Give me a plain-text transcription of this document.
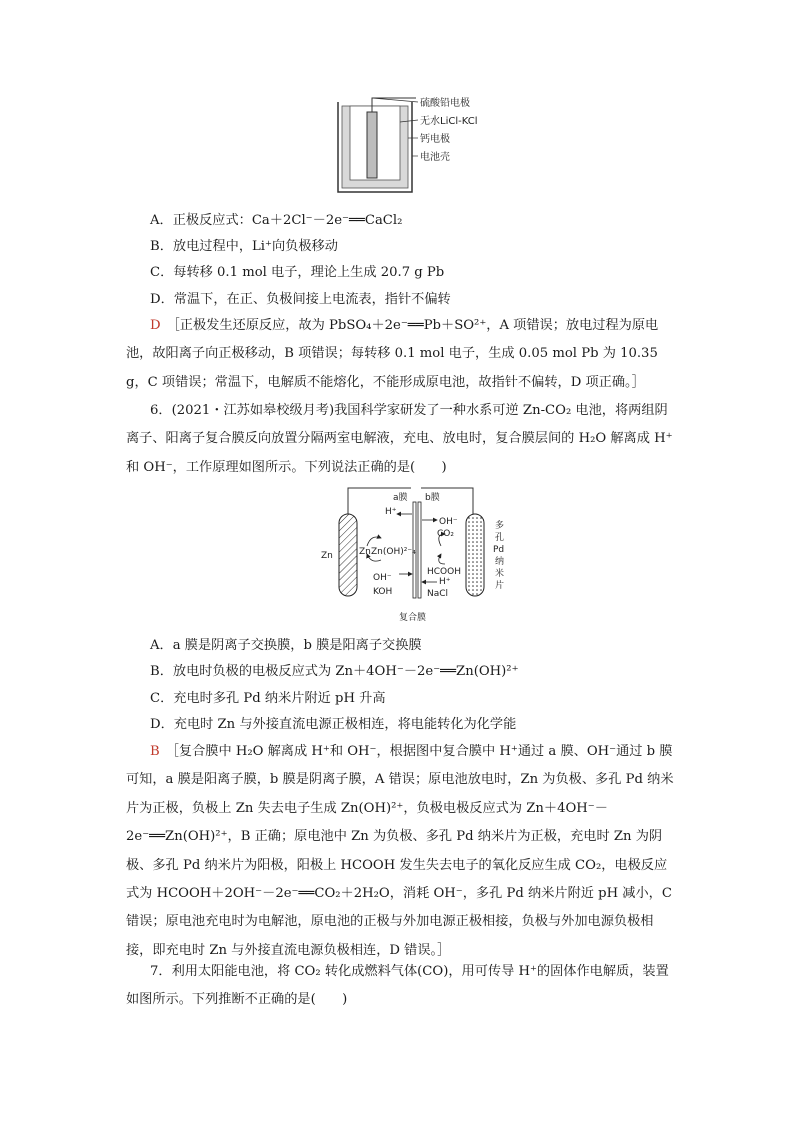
硫酸铅电极
无水LiCl-KCl
钙电极
电池壳
A．正极反应式：Ca＋2Cl⁻－2e⁻══CaCl₂
B．放电过程中，Li⁺向负极移动
C．每转移 0.1 mol 电子，理论上生成 20.7 g Pb
D．常温下，在正、负极间接上电流表，指针不偏转
D ［正极发生还原反应，故为 PbSO₄＋2e⁻══Pb＋SO²⁺，A 项错误；放电过程为原电池，故阳离子向正极移动，B 项错误；每转移 0.1 mol 电子，生成 0.05 mol Pb 为 10.35 g，C 项错误；常温下，电解质不能熔化，不能形成原电池，故指针不偏转，D 项正确。］
6．(2021・江苏如皋校级月考)我国科学家研发了一种水系可逆 Zn-CO₂ 电池，将两组阴离子、阳离子复合膜反向放置分隔两室电解液，充电、放电时，复合膜层间的 H₂O 解离成 H⁺和 OH⁻，工作原理如图所示。下列说法正确的是(　　)
a膜 b膜
H⁺
OH⁻
CO₂
HCOOH
H⁺
NaCl
OH⁻
KOH
Zn	Zn Zn(OH)²⁻₄
复合膜
多
孔
Pd
纳
米
片
A．a 膜是阴离子交换膜，b 膜是阳离子交换膜
B．放电时负极的电极反应式为 Zn＋4OH⁻－2e⁻══Zn(OH)²⁺
C．充电时多孔 Pd 纳米片附近 pH 升高
D．充电时 Zn 与外接直流电源正极相连，将电能转化为化学能
B ［复合膜中 H₂O 解离成 H⁺和 OH⁻，根据图中复合膜中 H⁺通过 a 膜、OH⁻通过 b 膜可知，a 膜是阳离子膜，b 膜是阴离子膜，A 错误；原电池放电时，Zn 为负极、多孔 Pd 纳米片为正极，负极上 Zn 失去电子生成 Zn(OH)²⁺，负极电极反应式为 Zn＋4OH⁻－2e⁻══Zn(OH)²⁺，B 正确；原电池中 Zn 为负极、多孔 Pd 纳米片为正极，充电时 Zn 为阴极、多孔 Pd 纳米片为阳极，阳极上 HCOOH 发生失去电子的氧化反应生成 CO₂，电极反应式为 HCOOH＋2OH⁻－2e⁻══CO₂＋2H₂O，消耗 OH⁻，多孔 Pd 纳米片附近 pH 减小，C 错误；原电池充电时为电解池，原电池的正极与外加电源正极相接，负极与外加电源负极相接，即充电时 Zn 与外接直流电源负极相连，D 错误。］
7．利用太阳能电池，将 CO₂ 转化成燃料气体(CO)，用可传导 H⁺的固体作电解质，装置如图所示。下列推断不正确的是(　　)
